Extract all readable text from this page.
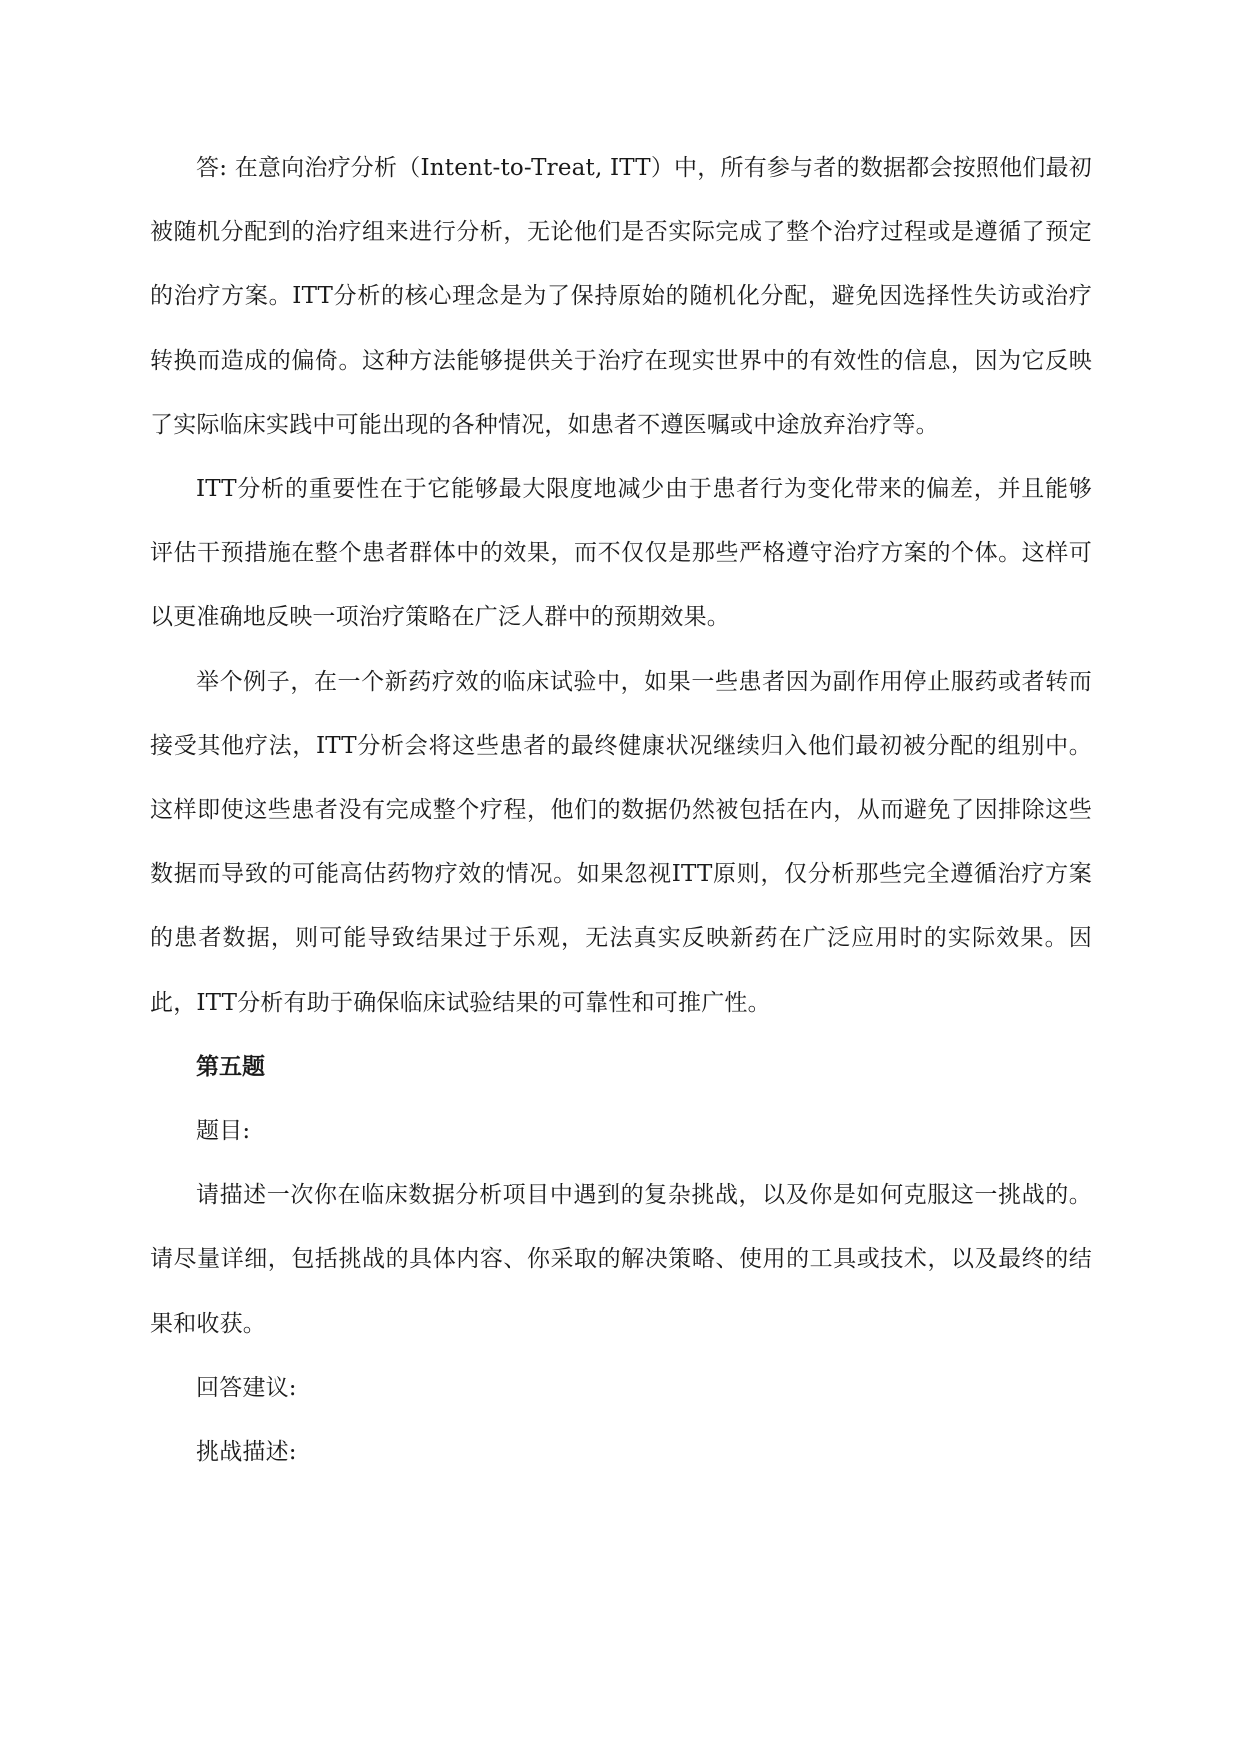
答: 在意向治疗分析（Intent-to-Treat, ITT）中，所有参与者的数据都会按照他们最初被随机分配到的治疗组来进行分析，无论他们是否实际完成了整个治疗过程或是遵循了预定的治疗方案。ITT分析的核心理念是为了保持原始的随机化分配，避免因选择性失访或治疗转换而造成的偏倚。这种方法能够提供关于治疗在现实世界中的有效性的信息，因为它反映了实际临床实践中可能出现的各种情况，如患者不遵医嘱或中途放弃治疗等。

ITT分析的重要性在于它能够最大限度地减少由于患者行为变化带来的偏差，并且能够评估干预措施在整个患者群体中的效果，而不仅仅是那些严格遵守治疗方案的个体。这样可以更准确地反映一项治疗策略在广泛人群中的预期效果。

举个例子，在一个新药疗效的临床试验中，如果一些患者因为副作用停止服药或者转而接受其他疗法，ITT分析会将这些患者的最终健康状况继续归入他们最初被分配的组别中。这样即使这些患者没有完成整个疗程，他们的数据仍然被包括在内，从而避免了因排除这些数据而导致的可能高估药物疗效的情况。如果忽视ITT原则，仅分析那些完全遵循治疗方案的患者数据，则可能导致结果过于乐观，无法真实反映新药在广泛应用时的实际效果。因此，ITT分析有助于确保临床试验结果的可靠性和可推广性。

第五题

题目:

请描述一次你在临床数据分析项目中遇到的复杂挑战，以及你是如何克服这一挑战的。请尽量详细，包括挑战的具体内容、你采取的解决策略、使用的工具或技术，以及最终的结果和收获。

回答建议:

挑战描述:
